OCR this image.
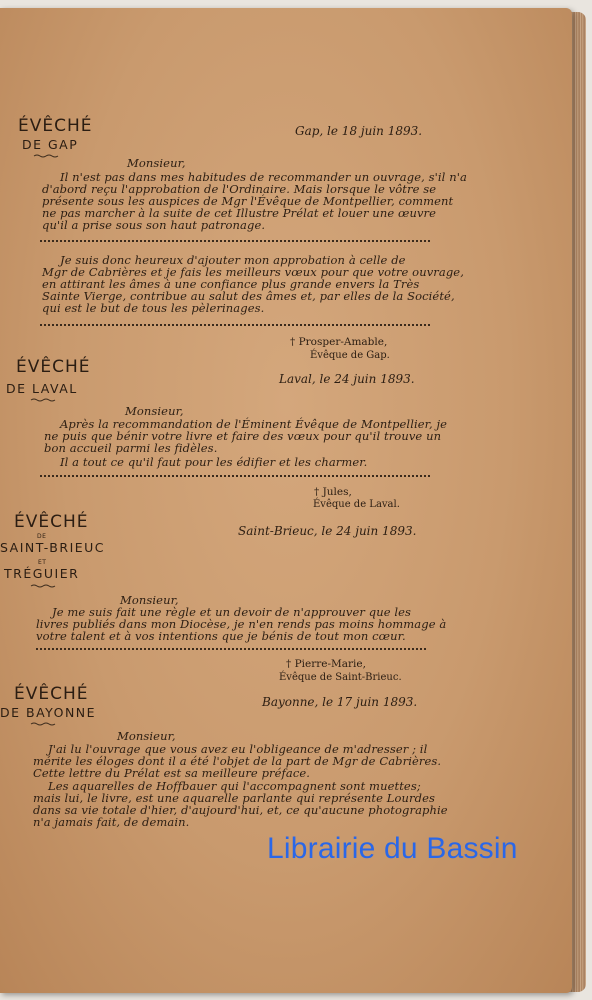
ÉVÊCHÉ
DE GAP
Gap, le 18 juin 1893.
Monsieur,
Il n'est pas dans mes habitudes de recommander un ouvrage, s'il n'a
d'abord reçu l'approbation de l'Ordinaire. Mais lorsque le vôtre se
présente sous les auspices de Mgr l'Évêque de Montpellier, comment
ne pas marcher à la suite de cet Illustre Prélat et louer une œuvre
qu'il a prise sous son haut patronage.
Je suis donc heureux d'ajouter mon approbation à celle de
Mgr de Cabrières et je fais les meilleurs vœux pour que votre ouvrage,
en attirant les âmes à une confiance plus grande envers la Très
Sainte Vierge, contribue au salut des âmes et, par elles de la Société,
qui est le but de tous les pèlerinages.
† Prosper-Amable,
Évêque de Gap.
ÉVÊCHÉ
DE LAVAL
Laval, le 24 juin 1893.
Monsieur,
Après la recommandation de l'Éminent Évêque de Montpellier, je
ne puis que bénir votre livre et faire des vœux pour qu'il trouve un
bon accueil parmi les fidèles.
Il a tout ce qu'il faut pour les édifier et les charmer.
† Jules,
Évêque de Laval.
ÉVÊCHÉ
DE
SAINT-BRIEUC
ET
TRÉGUIER
Saint-Brieuc, le 24 juin 1893.
Monsieur,
Je me suis fait une règle et un devoir de n'approuver que les
livres publiés dans mon Diocèse, je n'en rends pas moins hommage à
votre talent et à vos intentions que je bénis de tout mon cœur.
† Pierre-Marie,
Évêque de Saint-Brieuc.
ÉVÊCHÉ
DE BAYONNE
Bayonne, le 17 juin 1893.
Monsieur,
J'ai lu l'ouvrage que vous avez eu l'obligeance de m'adresser ; il
mérite les éloges dont il a été l'objet de la part de Mgr de Cabrières.
Cette lettre du Prélat est sa meilleure préface.
Les aquarelles de Hoffbauer qui l'accompagnent sont muettes;
mais lui, le livre, est une aquarelle parlante qui représente Lourdes
dans sa vie totale d'hier, d'aujourd'hui, et, ce qu'aucune photographie
n'a jamais fait, de demain.
Librairie du Bassin
